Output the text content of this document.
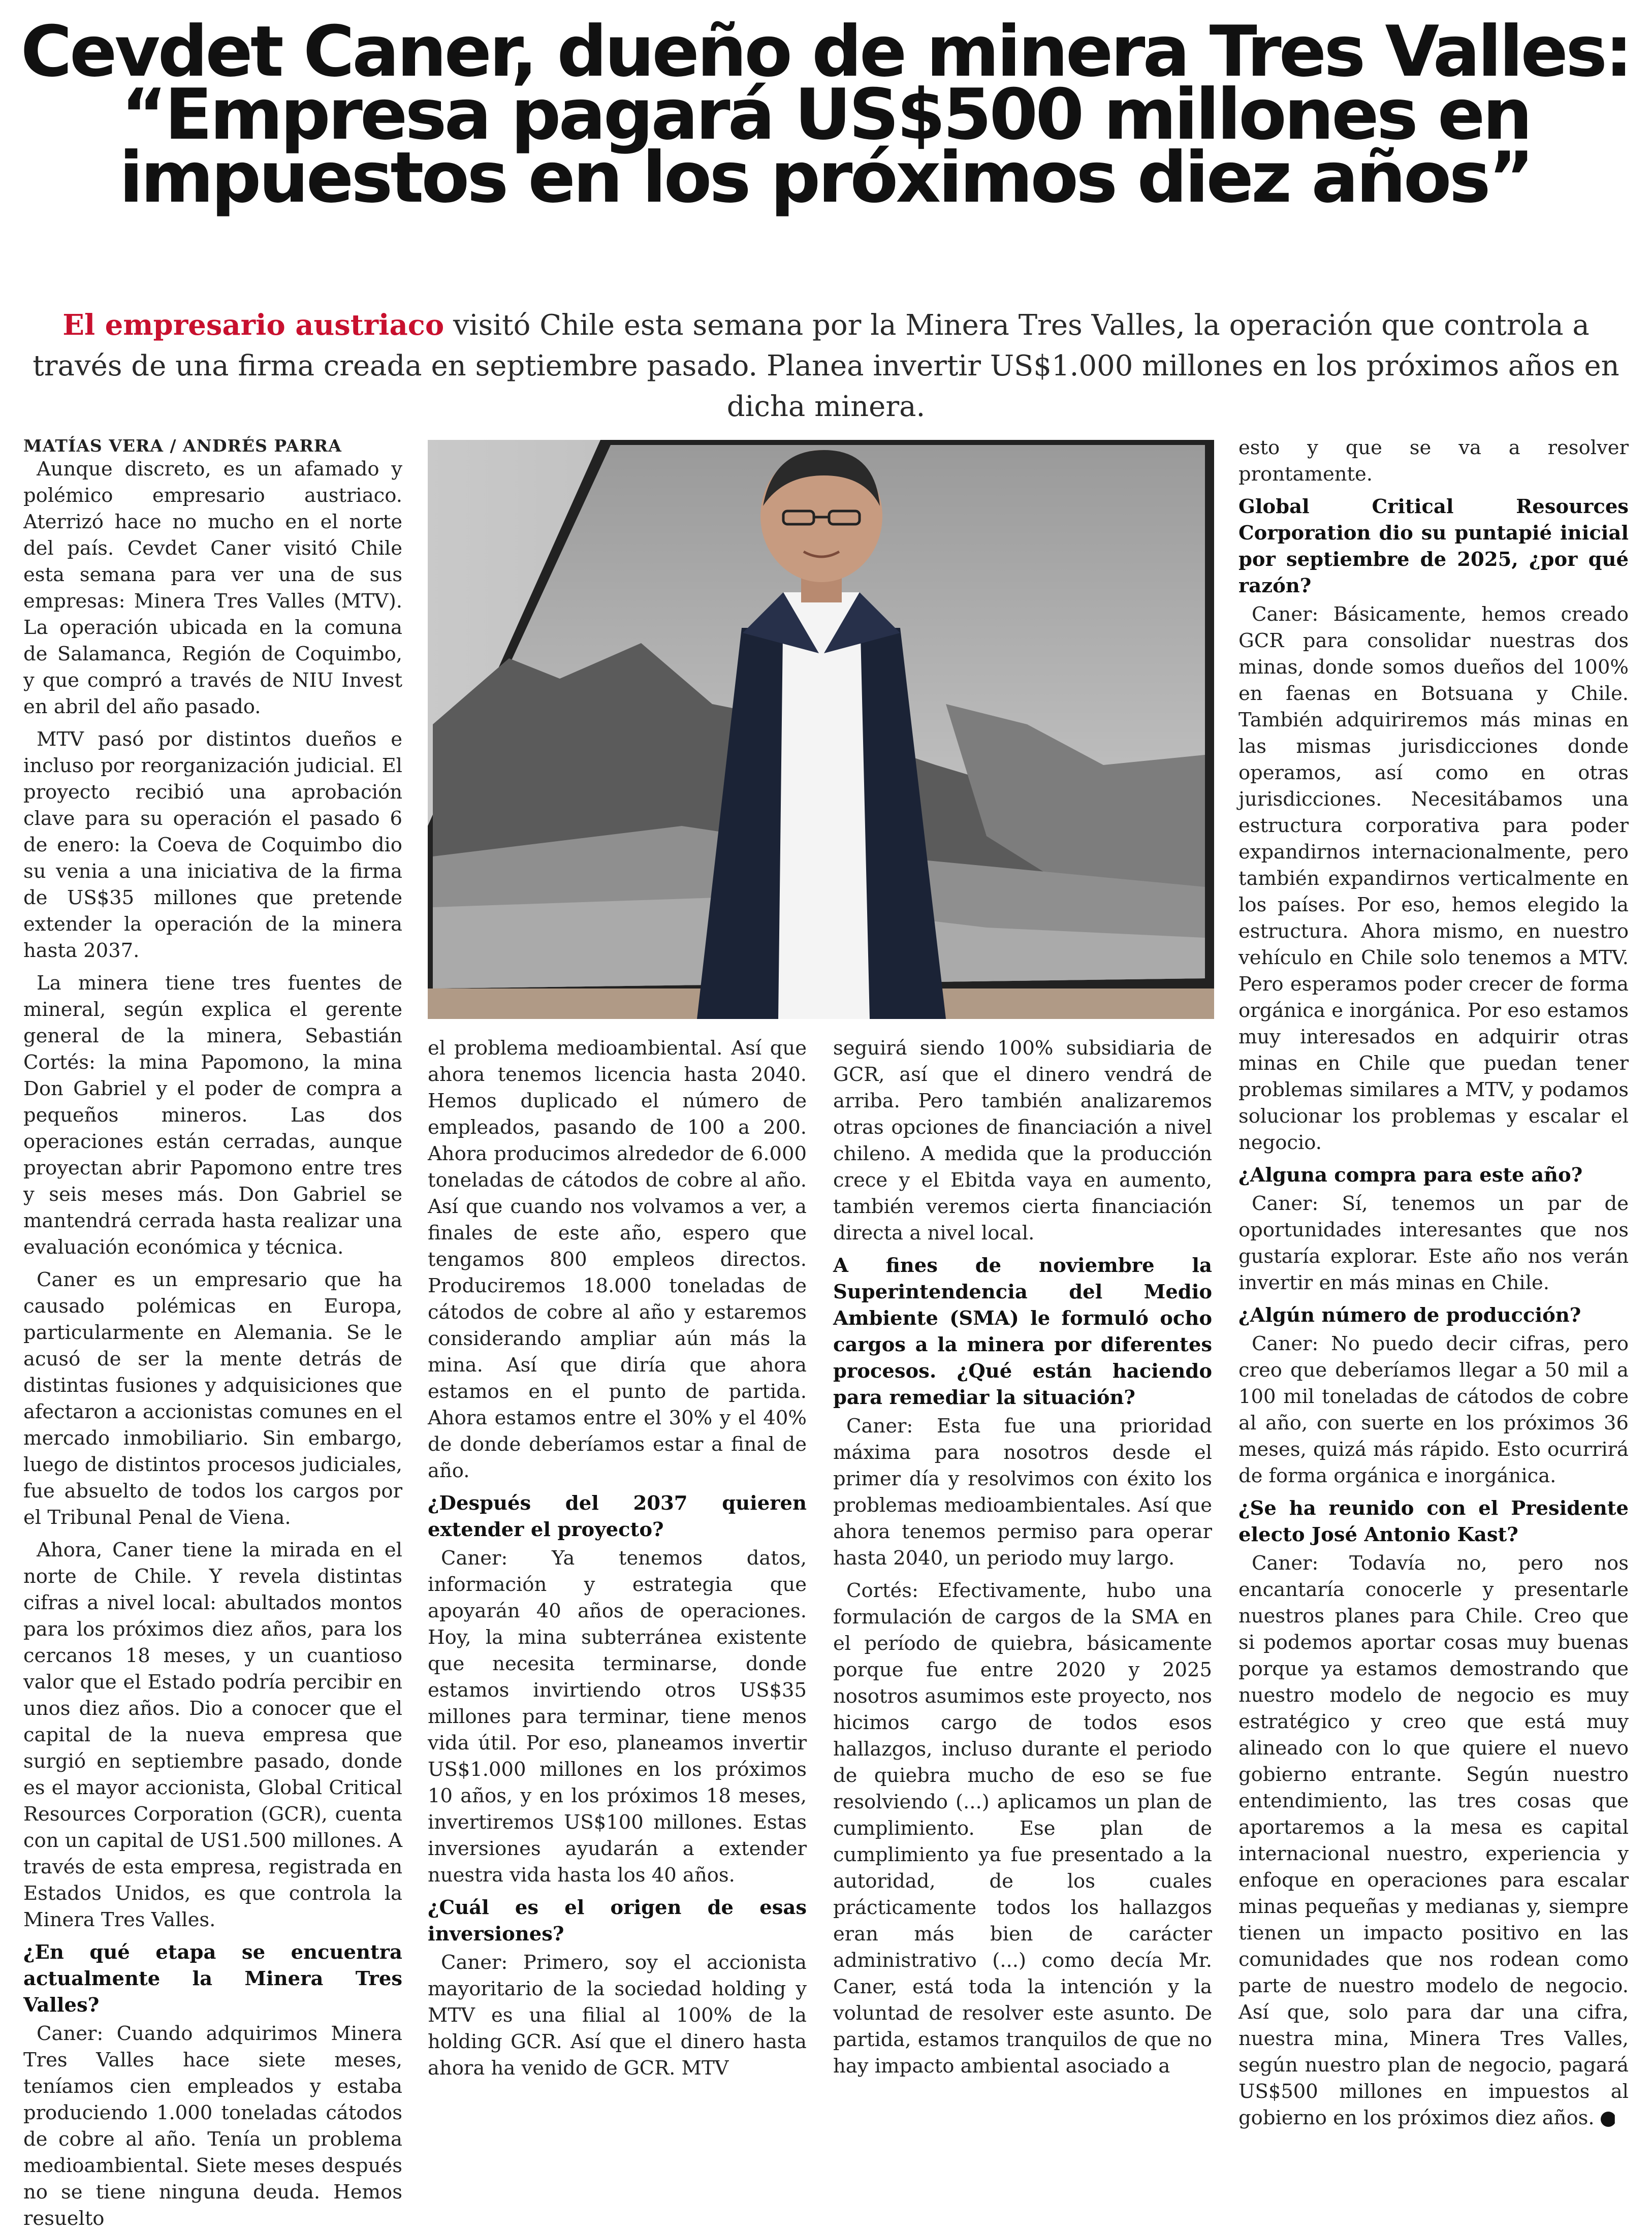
Cevdet Caner, dueño de minera Tres Valles:
“Empresa pagará US$500 millones en
impuestos en los próximos diez años”

El empresario austriaco visitó Chile esta semana por la Minera Tres Valles, la operación que controla a través de una firma creada en septiembre pasado. Planea invertir US$1.000 millones en los próximos años en dicha minera.

MATÍAS VERA / ANDRÉS PARRA

Aunque discreto, es un afamado y polémico empresario austriaco. Aterrizó hace no mucho en el norte del país. Cevdet Caner visitó Chile esta semana para ver una de sus empresas: Minera Tres Valles (MTV). La operación ubicada en la comuna de Salamanca, Región de Coquimbo, y que compró a través de NIU Invest en abril del año pasado.

MTV pasó por distintos dueños e incluso por reorganización judicial. El proyecto recibió una aprobación clave para su operación el pasado 6 de enero: la Coeva de Coquimbo dio su venia a una iniciativa de la firma de US$35 millones que pretende extender la operación de la minera hasta 2037.

La minera tiene tres fuentes de mineral, según explica el gerente general de la minera, Sebastián Cortés: la mina Papomono, la mina Don Gabriel y el poder de compra a pequeños mineros. Las dos operaciones están cerradas, aunque proyectan abrir Papomono entre tres y seis meses más. Don Gabriel se mantendrá cerrada hasta realizar una evaluación económica y técnica.

Caner es un empresario que ha causado polémicas en Europa, particularmente en Alemania. Se le acusó de ser la mente detrás de distintas fusiones y adquisiciones que afectaron a accionistas comunes en el mercado inmobiliario. Sin embargo, luego de distintos procesos judiciales, fue absuelto de todos los cargos por el Tribunal Penal de Viena.

Ahora, Caner tiene la mirada en el norte de Chile. Y revela distintas cifras a nivel local: abultados montos para los próximos diez años, para los cercanos 18 meses, y un cuantioso valor que el Estado podría percibir en unos diez años. Dio a conocer que el capital de la nueva empresa que surgió en septiembre pasado, donde es el mayor accionista, Global Critical Resources Corporation (GCR), cuenta con un capital de US1.500 millones. A través de esta empresa, registrada en Estados Unidos, es que controla la Minera Tres Valles.

¿En qué etapa se encuentra actualmente la Minera Tres Valles?

Caner: Cuando adquirimos Minera Tres Valles hace siete meses, teníamos cien empleados y estaba produciendo 1.000 toneladas cátodos de cobre al año. Tenía un problema medioambiental. Siete meses después no se tiene ninguna deuda. Hemos resuelto

el problema medioambiental. Así que ahora tenemos licencia hasta 2040. Hemos duplicado el número de empleados, pasando de 100 a 200. Ahora producimos alrededor de 6.000 toneladas de cátodos de cobre al año. Así que cuando nos volvamos a ver, a finales de este año, espero que tengamos 800 empleos directos. Produciremos 18.000 toneladas de cátodos de cobre al año y estaremos considerando ampliar aún más la mina. Así que diría que ahora estamos en el punto de partida. Ahora estamos entre el 30% y el 40% de donde deberíamos estar a final de año.

¿Después del 2037 quieren extender el proyecto?

Caner: Ya tenemos datos, información y estrategia que apoyarán 40 años de operaciones. Hoy, la mina subterránea existente que necesita terminarse, donde estamos invirtiendo otros US$35 millones para terminar, tiene menos vida útil. Por eso, planeamos invertir US$1.000 millones en los próximos 10 años, y en los próximos 18 meses, invertiremos US$100 millones. Estas inversiones ayudarán a extender nuestra vida hasta los 40 años.

¿Cuál es el origen de esas inversiones?

Caner: Primero, soy el accionista mayoritario de la sociedad holding y MTV es una filial al 100% de la holding GCR. Así que el dinero hasta ahora ha venido de GCR. MTV

seguirá siendo 100% subsidiaria de GCR, así que el dinero vendrá de arriba. Pero también analizaremos otras opciones de financiación a nivel chileno. A medida que la producción crece y el Ebitda vaya en aumento, también veremos cierta financiación directa a nivel local.

A fines de noviembre la Superintendencia del Medio Ambiente (SMA) le formuló ocho cargos a la minera por diferentes procesos. ¿Qué están haciendo para remediar la situación?

Caner: Esta fue una prioridad máxima para nosotros desde el primer día y resolvimos con éxito los problemas medioambientales. Así que ahora tenemos permiso para operar hasta 2040, un periodo muy largo.

Cortés: Efectivamente, hubo una formulación de cargos de la SMA en el período de quiebra, básicamente porque fue entre 2020 y 2025 nosotros asumimos este proyecto, nos hicimos cargo de todos esos hallazgos, incluso durante el periodo de quiebra mucho de eso se fue resolviendo (...) aplicamos un plan de cumplimiento. Ese plan de cumplimiento ya fue presentado a la autoridad, de los cuales prácticamente todos los hallazgos eran más bien de carácter administrativo (...) como decía Mr. Caner, está toda la intención y la voluntad de resolver este asunto. De partida, estamos tranquilos de que no hay impacto ambiental asociado a

esto y que se va a resolver prontamente.

Global Critical Resources Corporation dio su puntapié inicial por septiembre de 2025, ¿por qué razón?

Caner: Básicamente, hemos creado GCR para consolidar nuestras dos minas, donde somos dueños del 100% en faenas en Botsuana y Chile. También adquiriremos más minas en las mismas jurisdicciones donde operamos, así como en otras jurisdicciones. Necesitábamos una estructura corporativa para poder expandirnos internacionalmente, pero también expandirnos verticalmente en los países. Por eso, hemos elegido la estructura. Ahora mismo, en nuestro vehículo en Chile solo tenemos a MTV. Pero esperamos poder crecer de forma orgánica e inorgánica. Por eso estamos muy interesados en adquirir otras minas en Chile que puedan tener problemas similares a MTV, y podamos solucionar los problemas y escalar el negocio.

¿Alguna compra para este año?

Caner: Sí, tenemos un par de oportunidades interesantes que nos gustaría explorar. Este año nos verán invertir en más minas en Chile.

¿Algún número de producción?

Caner: No puedo decir cifras, pero creo que deberíamos llegar a 50 mil a 100 mil toneladas de cátodos de cobre al año, con suerte en los próximos 36 meses, quizá más rápido. Esto ocurrirá de forma orgánica e inorgánica.

¿Se ha reunido con el Presidente electo José Antonio Kast?

Caner: Todavía no, pero nos encantaría conocerle y presentarle nuestros planes para Chile. Creo que si podemos aportar cosas muy buenas porque ya estamos demostrando que nuestro modelo de negocio es muy estratégico y creo que está muy alineado con lo que quiere el nuevo gobierno entrante. Según nuestro entendimiento, las tres cosas que aportaremos a la mesa es capital internacional nuestro, experiencia y enfoque en operaciones para escalar minas pequeñas y medianas y, siempre tienen un impacto positivo en las comunidades que nos rodean como parte de nuestro modelo de negocio. Así que, solo para dar una cifra, nuestra mina, Minera Tres Valles, según nuestro plan de negocio, pagará US$500 millones en impuestos al gobierno en los próximos diez años. P
